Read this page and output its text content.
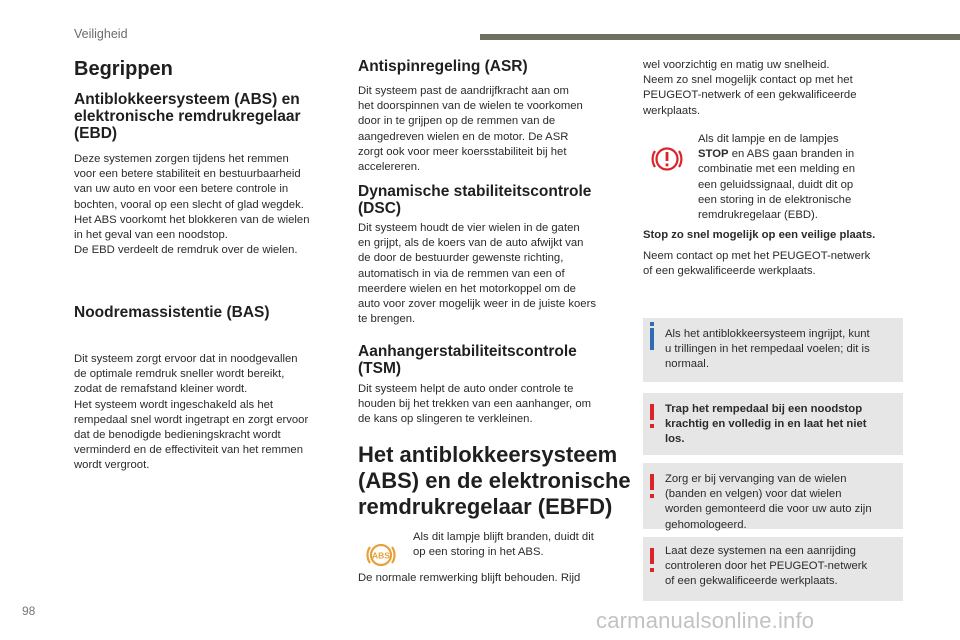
Veiligheid
Begrippen
Antiblokkeersysteem (ABS) en
elektronische remdrukregelaar
(EBD)
Deze systemen zorgen tijdens het remmen
voor een betere stabiliteit en bestuurbaarheid
van uw auto en voor een betere controle in
bochten, vooral op een slecht of glad wegdek.
Het ABS voorkomt het blokkeren van de wielen
in het geval van een noodstop.
De EBD verdeelt de remdruk over de wielen.
Noodremassistentie (BAS)
Dit systeem zorgt ervoor dat in noodgevallen
de optimale remdruk sneller wordt bereikt,
zodat de remafstand kleiner wordt.
Het systeem wordt ingeschakeld als het
rempedaal snel wordt ingetrapt en zorgt ervoor
dat de benodigde bedieningskracht wordt
verminderd en de effectiviteit van het remmen
wordt vergroot.
Antispinregeling (ASR)
Dit systeem past de aandrijfkracht aan om
het doorspinnen van de wielen te voorkomen
door in te grijpen op de remmen van de
aangedreven wielen en de motor. De ASR
zorgt ook voor meer koersstabiliteit bij het
accelereren.
Dynamische stabiliteitscontrole
(DSC)
Dit systeem houdt de vier wielen in de gaten
en grijpt, als de koers van de auto afwijkt van
de door de bestuurder gewenste richting,
automatisch in via de remmen van een of
meerdere wielen en het motorkoppel om de
auto voor zover mogelijk weer in de juiste koers
te brengen.
Aanhangerstabiliteitscontrole
(TSM)
Dit systeem helpt de auto onder controle te
houden bij het trekken van een aanhanger, om
de kans op slingeren te verkleinen.
Het antiblokkeersysteem
(ABS) en de elektronische
remdrukregelaar (EBFD)
ABS
Als dit lampje blijft branden, duidt dit
op een storing in het ABS.
De normale remwerking blijft behouden. Rijd
wel voorzichtig en matig uw snelheid.
Neem zo snel mogelijk contact op met het
PEUGEOT-netwerk of een gekwalificeerde
werkplaats.
Als dit lampje en de lampjes
STOP en ABS gaan branden in
combinatie met een melding en
een geluidssignaal, duidt dit op
een storing in de elektronische
remdrukregelaar (EBD).
Stop zo snel mogelijk op een veilige plaats.
Neem contact op met het PEUGEOT-netwerk
of een gekwalificeerde werkplaats.
Als het antiblokkeersysteem ingrijpt, kunt
u trillingen in het rempedaal voelen; dit is
normaal.
Trap het rempedaal bij een noodstop
krachtig en volledig in en laat het niet
los.
Zorg er bij vervanging van de wielen
(banden en velgen) voor dat wielen
worden gemonteerd die voor uw auto zijn
gehomologeerd.
Laat deze systemen na een aanrijding
controleren door het PEUGEOT-netwerk
of een gekwalificeerde werkplaats.
98	carmanualsonline.info
